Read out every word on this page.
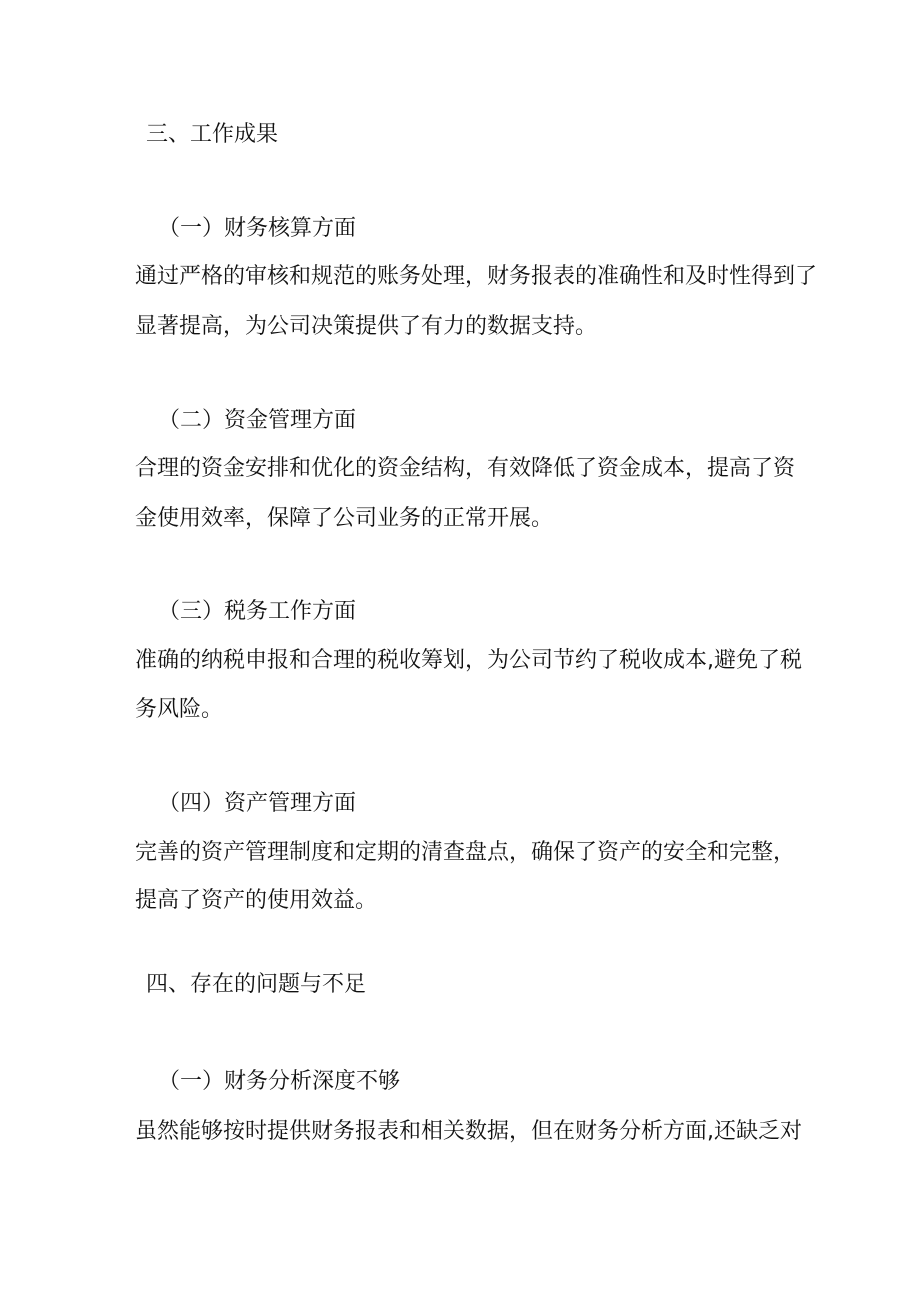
三、工作成果
（一）财务核算方面
通过严格的审核和规范的账务处理，财务报表的准确性和及时性得到了
显著提高，为公司决策提供了有力的数据支持。
（二）资金管理方面
合理的资金安排和优化的资金结构，有效降低了资金成本，提高了资
金使用效率，保障了公司业务的正常开展。
（三）税务工作方面
准确的纳税申报和合理的税收筹划，为公司节约了税收成本,避免了税
务风险。
（四）资产管理方面
完善的资产管理制度和定期的清查盘点，确保了资产的安全和完整，
提高了资产的使用效益。
四、存在的问题与不足
（一）财务分析深度不够
虽然能够按时提供财务报表和相关数据，但在财务分析方面,还缺乏对
